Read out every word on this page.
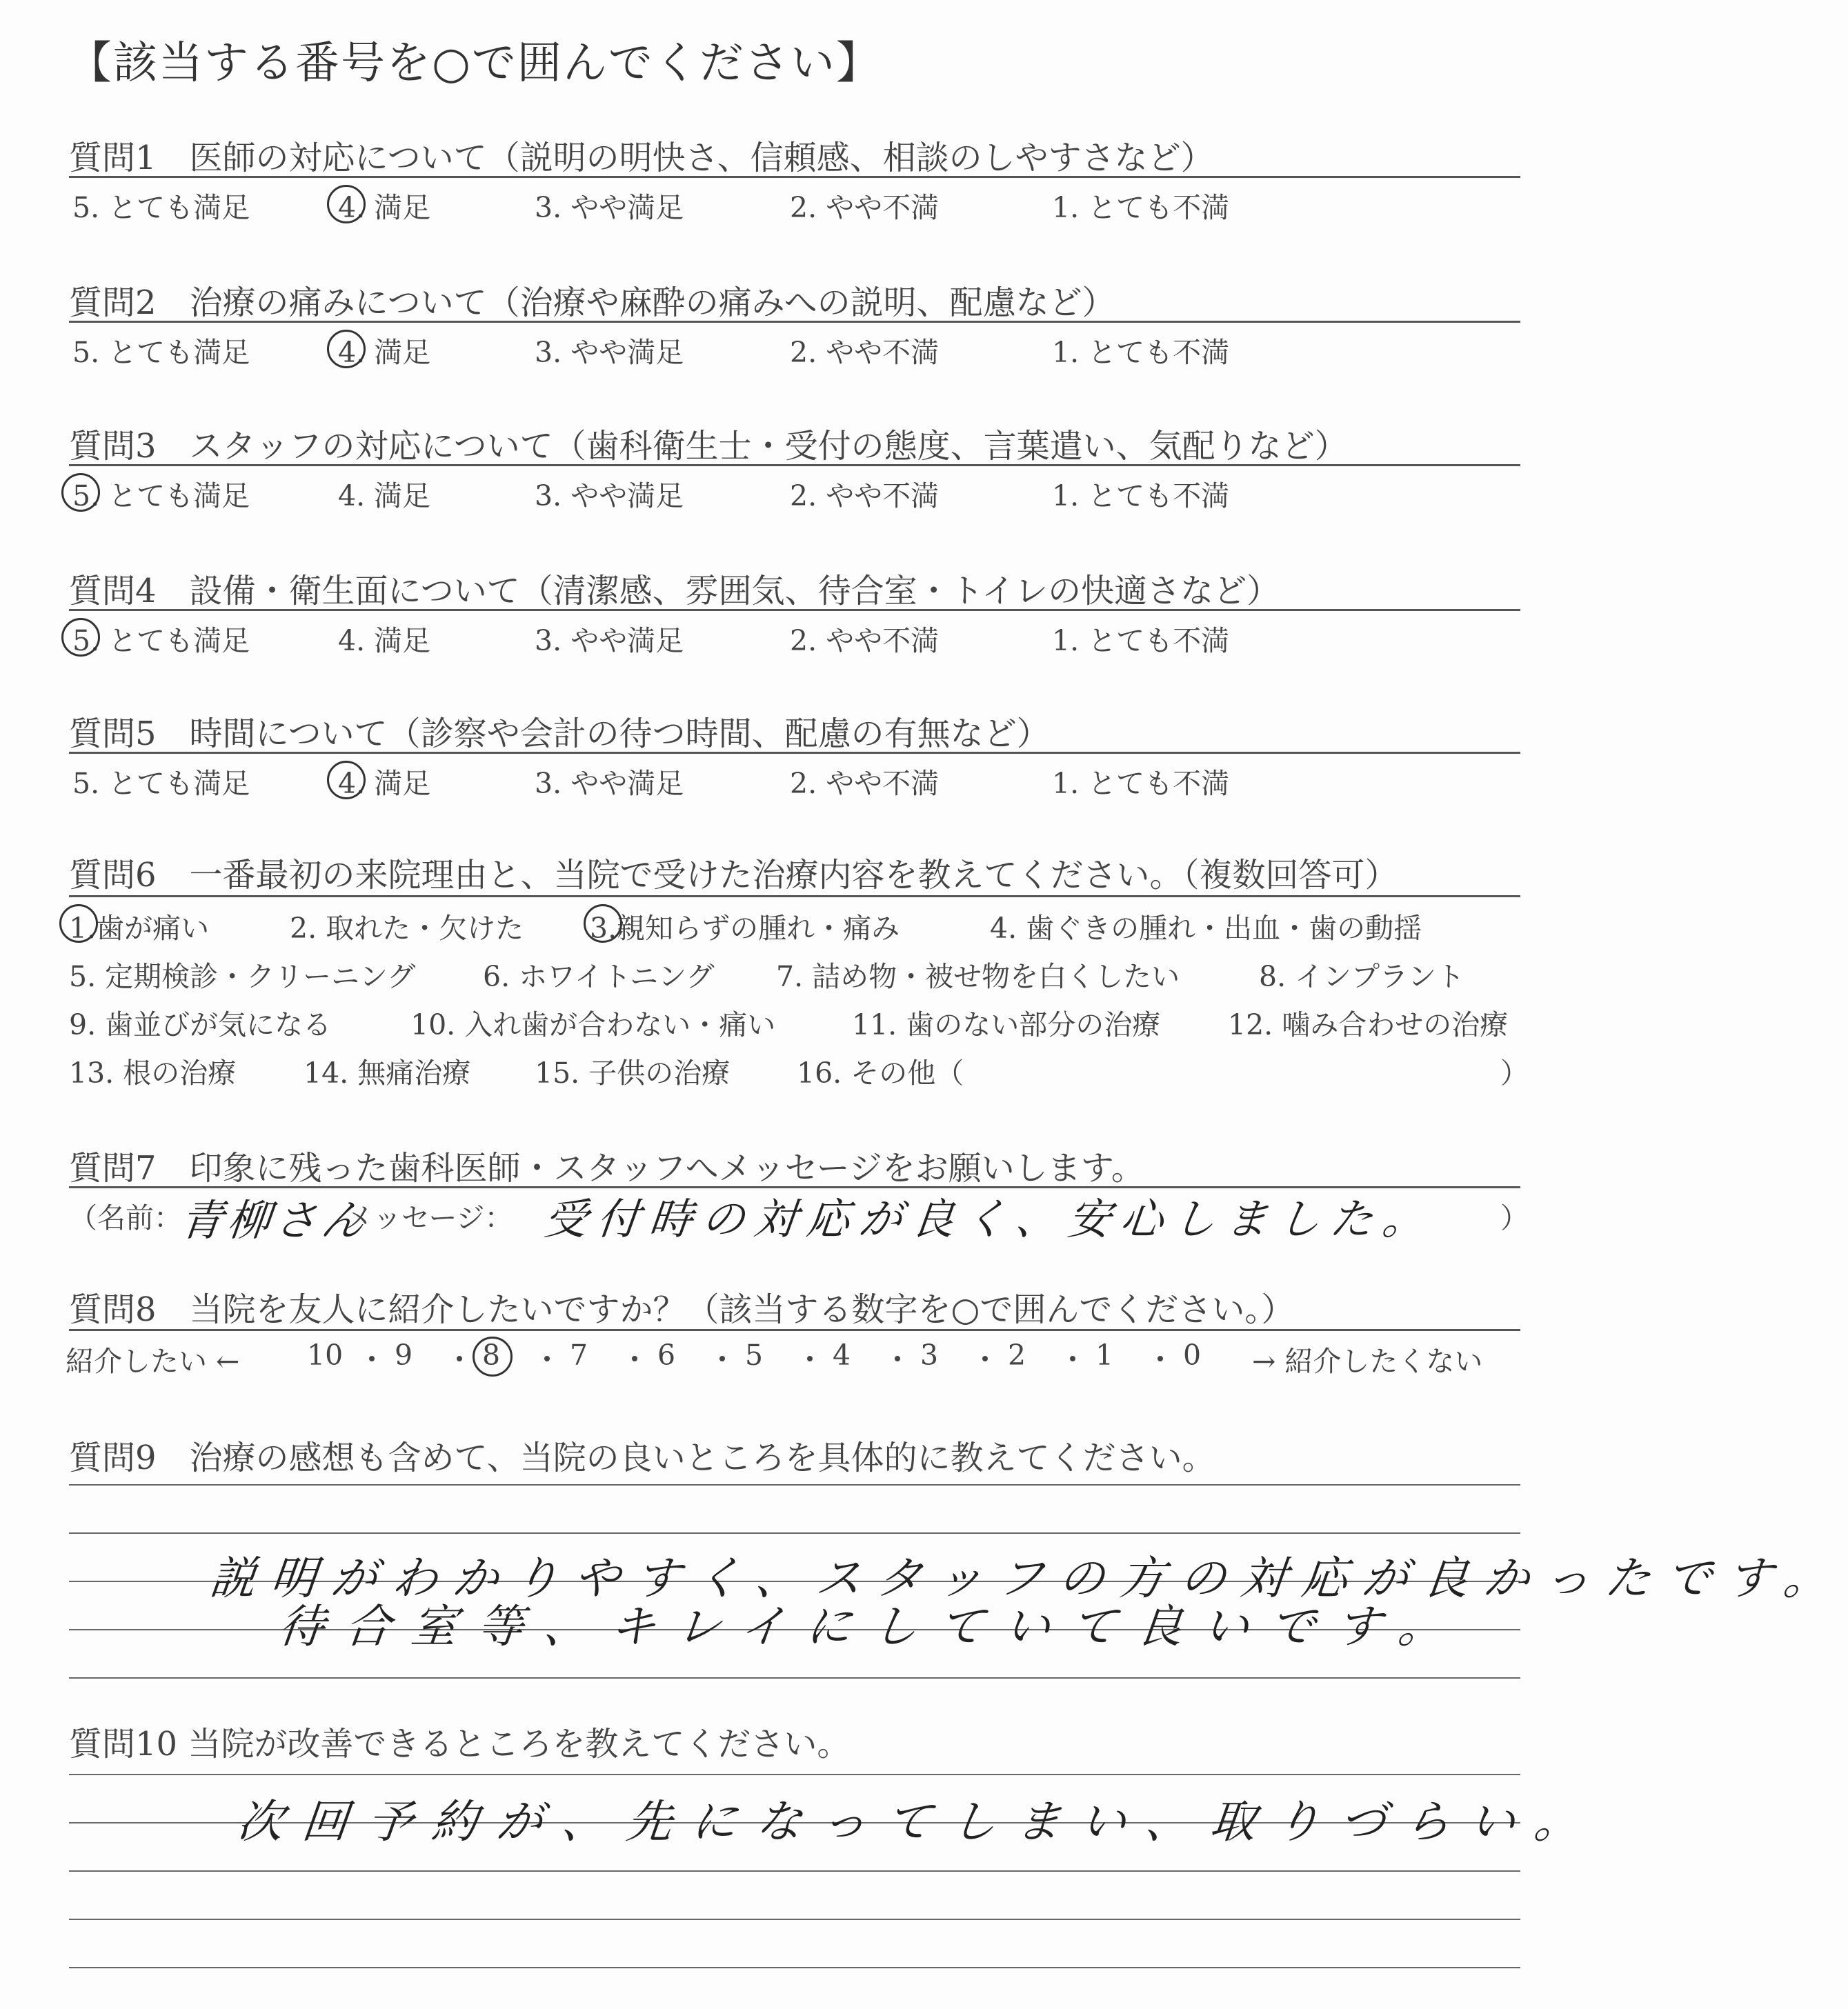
【該当する番号を○で囲んでください】
質問1　医師の対応について（説明の明快さ、信頼感、相談のしやすさなど）
5. とても満足	4. 満足	3. やや満足	2. やや不満	1. とても不満
質問2　治療の痛みについて（治療や麻酔の痛みへの説明、配慮など）
5. とても満足	4. 満足	3. やや満足	2. やや不満	1. とても不満
質問3　スタッフの対応について（歯科衛生士・受付の態度、言葉遣い、気配りなど）
5. とても満足	4. 満足	3. やや満足	2. やや不満	1. とても不満
質問4　設備・衛生面について（清潔感、雰囲気、待合室・トイレの快適さなど）
5. とても満足	4. 満足	3. やや満足	2. やや不満	1. とても不満
質問5　時間について（診察や会計の待つ時間、配慮の有無など）
5. とても満足	4. 満足	3. やや満足	2. やや不満	1. とても不満
質問6　一番最初の来院理由と、当院で受けた治療内容を教えてください。（複数回答可）
1.歯が痛い	2. 取れた・欠けた 3.親知らずの腫れ・痛み	4. 歯ぐきの腫れ・出血・歯の動揺
5. 定期検診・クリーニング 6. ホワイトニング 7. 詰め物・被せ物を白くしたい	8. インプラント
9. 歯並びが気になる	10. 入れ歯が合わない・痛い	11. 歯のない部分の治療 12. 噛み合わせの治療
13. 根の治療 14. 無痛治療 15. 子供の治療 16. その他（	）
質問7　印象に残った歯科医師・スタッフへメッセージをお願いします。
（名前：
青柳さん
メッセージ： 受付時の対応が良く、安心しました。 ）
質問8　当院を友人に紹介したいですか？（該当する数字を○で囲んでください。）
紹介したい ← 10 9 8 7 6 5 4 3 2 1 0 → 紹介したくない
質問9　治療の感想も含めて、当院の良いところを具体的に教えてください。
説明がわかりやすく、スタッフの方の対応が良かったです。
待合室等、キレイにしていて良いです。
質問10 当院が改善できるところを教えてください。
次回予約が、先になってしまい、取りづらい。
